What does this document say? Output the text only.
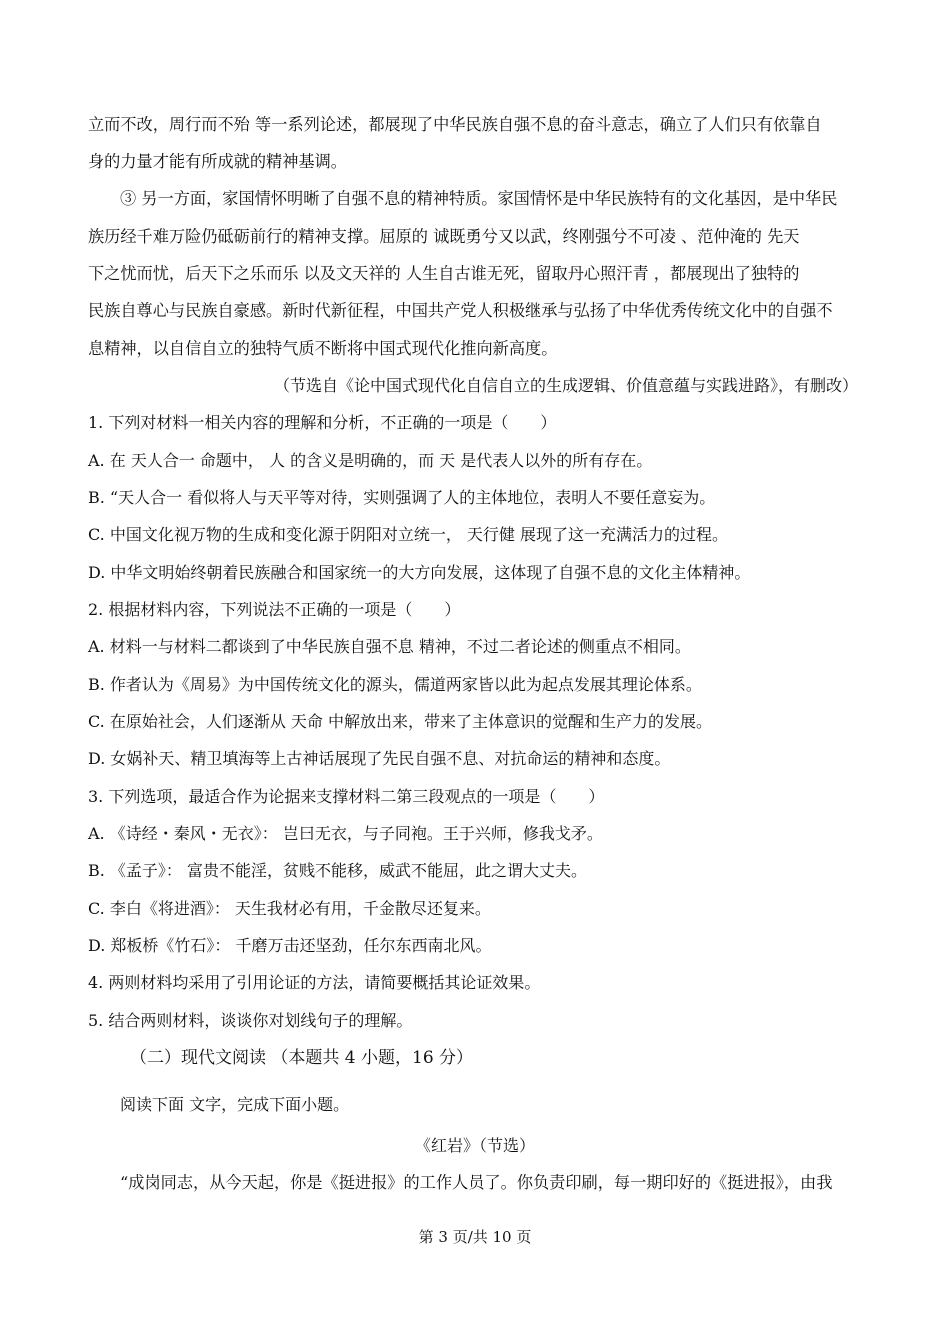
立而不改，周行而不殆 等一系列论述，都展现了中华民族自强不息的奋斗意志，确立了人们只有依靠自
身的力量才能有所成就的精神基调。
③ 另一方面，家国情怀明晰了自强不息的精神特质。家国情怀是中华民族特有的文化基因，是中华民
族历经千难万险仍砥砺前行的精神支撑。屈原的 诚既勇兮又以武，终刚强兮不可凌 、范仲淹的 先天
下之忧而忧，后天下之乐而乐 以及文天祥的 人生自古谁无死，留取丹心照汗青 ，都展现出了独特的
民族自尊心与民族自豪感。新时代新征程，中国共产党人积极继承与弘扬了中华优秀传统文化中的自强不
息精神，以自信自立的独特气质不断将中国式现代化推向新高度。
（节选自《论中国式现代化自信自立的生成逻辑、价值意蕴与实践进路》，有删改）
1. 下列对材料一相关内容的理解和分析，不正确的一项是（　　）
A. 在 天人合一 命题中， 人 的含义是明确的，而 天 是代表人以外的所有存在。
B. “天人合一 看似将人与天平等对待，实则强调了人的主体地位，表明人不要任意妄为。
C. 中国文化视万物的生成和变化源于阴阳对立统一， 天行健 展现了这一充满活力的过程。
D. 中华文明始终朝着民族融合和国家统一的大方向发展，这体现了自强不息的文化主体精神。
2. 根据材料内容，下列说法不正确的一项是（　　）
A. 材料一与材料二都谈到了中华民族自强不息 精神，不过二者论述的侧重点不相同。
B. 作者认为《周易》为中国传统文化的源头，儒道两家皆以此为起点发展其理论体系。
C. 在原始社会，人们逐渐从 天命 中解放出来，带来了主体意识的觉醒和生产力的发展。
D. 女娲补天、精卫填海等上古神话展现了先民自强不息、对抗命运的精神和态度。
3. 下列选项，最适合作为论据来支撑材料二第三段观点的一项是（　　）
A. 《诗经・秦风・无衣》： 岂曰无衣，与子同袍。王于兴师，修我戈矛。
B. 《孟子》： 富贵不能淫，贫贱不能移，威武不能屈，此之谓大丈夫。
C. 李白《将进酒》： 天生我材必有用，千金散尽还复来。
D. 郑板桥《竹石》： 千磨万击还坚劲，任尔东西南北风。
4. 两则材料均采用了引用论证的方法，请简要概括其论证效果。
5. 结合两则材料，谈谈你对划线句子的理解。
（二）现代文阅读 （本题共 4 小题，16 分）
阅读下面 文字，完成下面小题。
《红岩》（节选）
“成岗同志，从今天起，你是《挺进报》的工作人员了。你负责印刷，每一期印好的《挺进报》，由我
第 3 页/共 10 页
